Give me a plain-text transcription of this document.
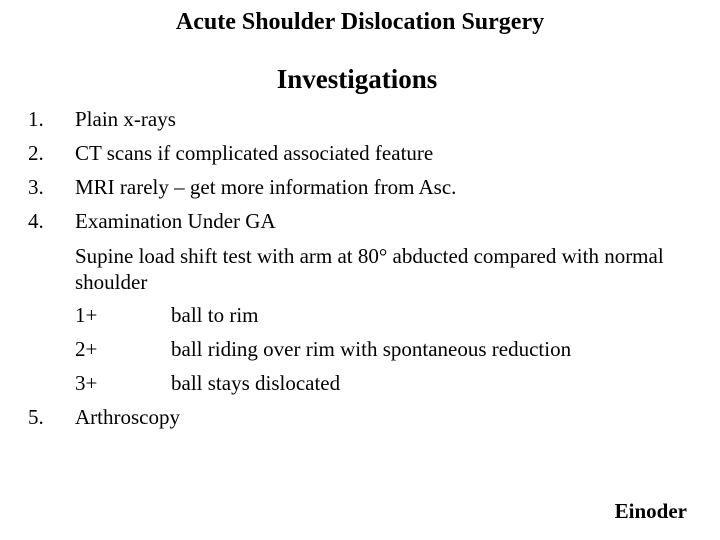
Acute Shoulder Dislocation Surgery
Investigations
1.	Plain x-rays
2.	CT scans if complicated associated feature
3.	MRI rarely – get more information from Asc.
4.	Examination Under GA
Supine load shift test with arm at 80° abducted compared with normal shoulder
1+	ball to rim
2+	ball riding over rim with spontaneous reduction
3+	ball stays dislocated
5.	Arthroscopy
Einoder
